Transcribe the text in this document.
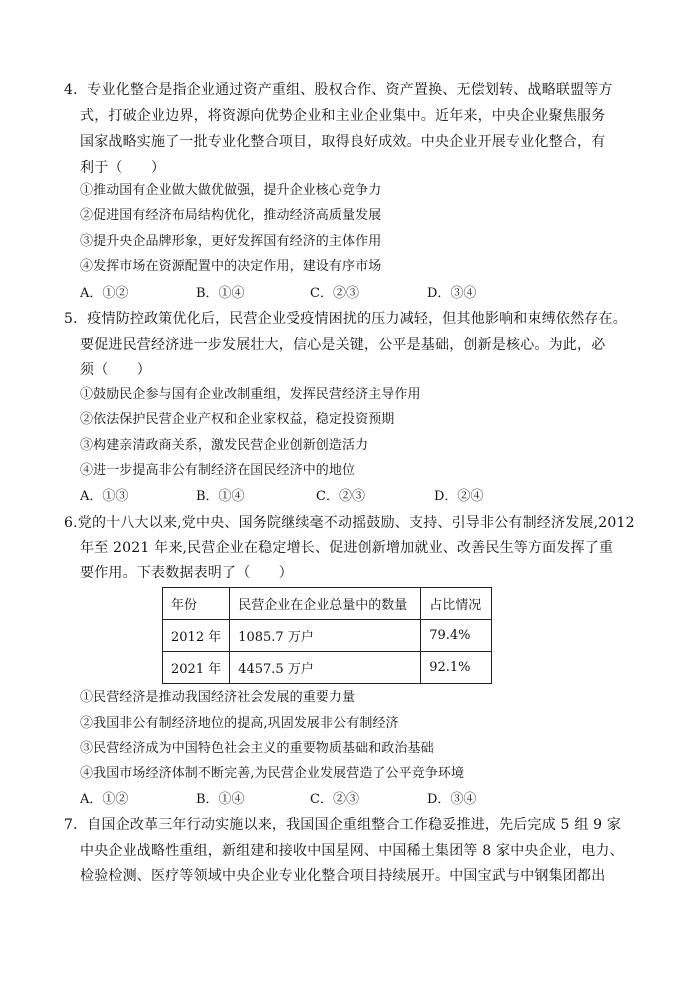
4．专业化整合是指企业通过资产重组、股权合作、资产置换、无偿划转、战略联盟等方
式，打破企业边界，将资源向优势企业和主业企业集中。近年来，中央企业聚焦服务
国家战略实施了一批专业化整合项目，取得良好成效。中央企业开展专业化整合，有
利于（　　）
①推动国有企业做大做优做强，提升企业核心竞争力
②促进国有经济布局结构优化，推动经济高质量发展
③提升央企品牌形象，更好发挥国有经济的主体作用
④发挥市场在资源配置中的决定作用，建设有序市场
A．①②	B．①④	C．②③	D．③④
5．疫情防控政策优化后，民营企业受疫情困扰的压力减轻，但其他影响和束缚依然存在。
要促进民营经济进一步发展壮大，信心是关键，公平是基础，创新是核心。为此，必
须（　　）
①鼓励民企参与国有企业改制重组，发挥民营经济主导作用
②依法保护民营企业产权和企业家权益，稳定投资预期
③构建亲清政商关系，激发民营企业创新创造活力
④进一步提高非公有制经济在国民经济中的地位
A．①③	B．①④	C．②③	D．②④
6.党的十八大以来,党中央、国务院继续毫不动摇鼓励、支持、引导非公有制经济发展,2012
年至 2021 年来,民营企业在稳定增长、促进创新增加就业、改善民生等方面发挥了重
要作用。下表数据表明了（　　）
年份	民营企业在企业总量中的数量	占比情况
2012 年	1085.7 万户	79.4%
2021 年	4457.5 万户	92.1%
①民营经济是推动我国经济社会发展的重要力量
②我国非公有制经济地位的提高,巩固发展非公有制经济
③民营经济成为中国特色社会主义的重要物质基础和政治基础
④我国市场经济体制不断完善,为民营企业发展营造了公平竞争环境
A．①②	B．①④	C．②③	D．③④
7．自国企改革三年行动实施以来，我国国企重组整合工作稳妥推进，先后完成 5 组 9 家
中央企业战略性重组，新组建和接收中国星网、中国稀土集团等 8 家中央企业，电力、
检验检测、医疗等领域中央企业专业化整合项目持续展开。中国宝武与中钢集团都出
